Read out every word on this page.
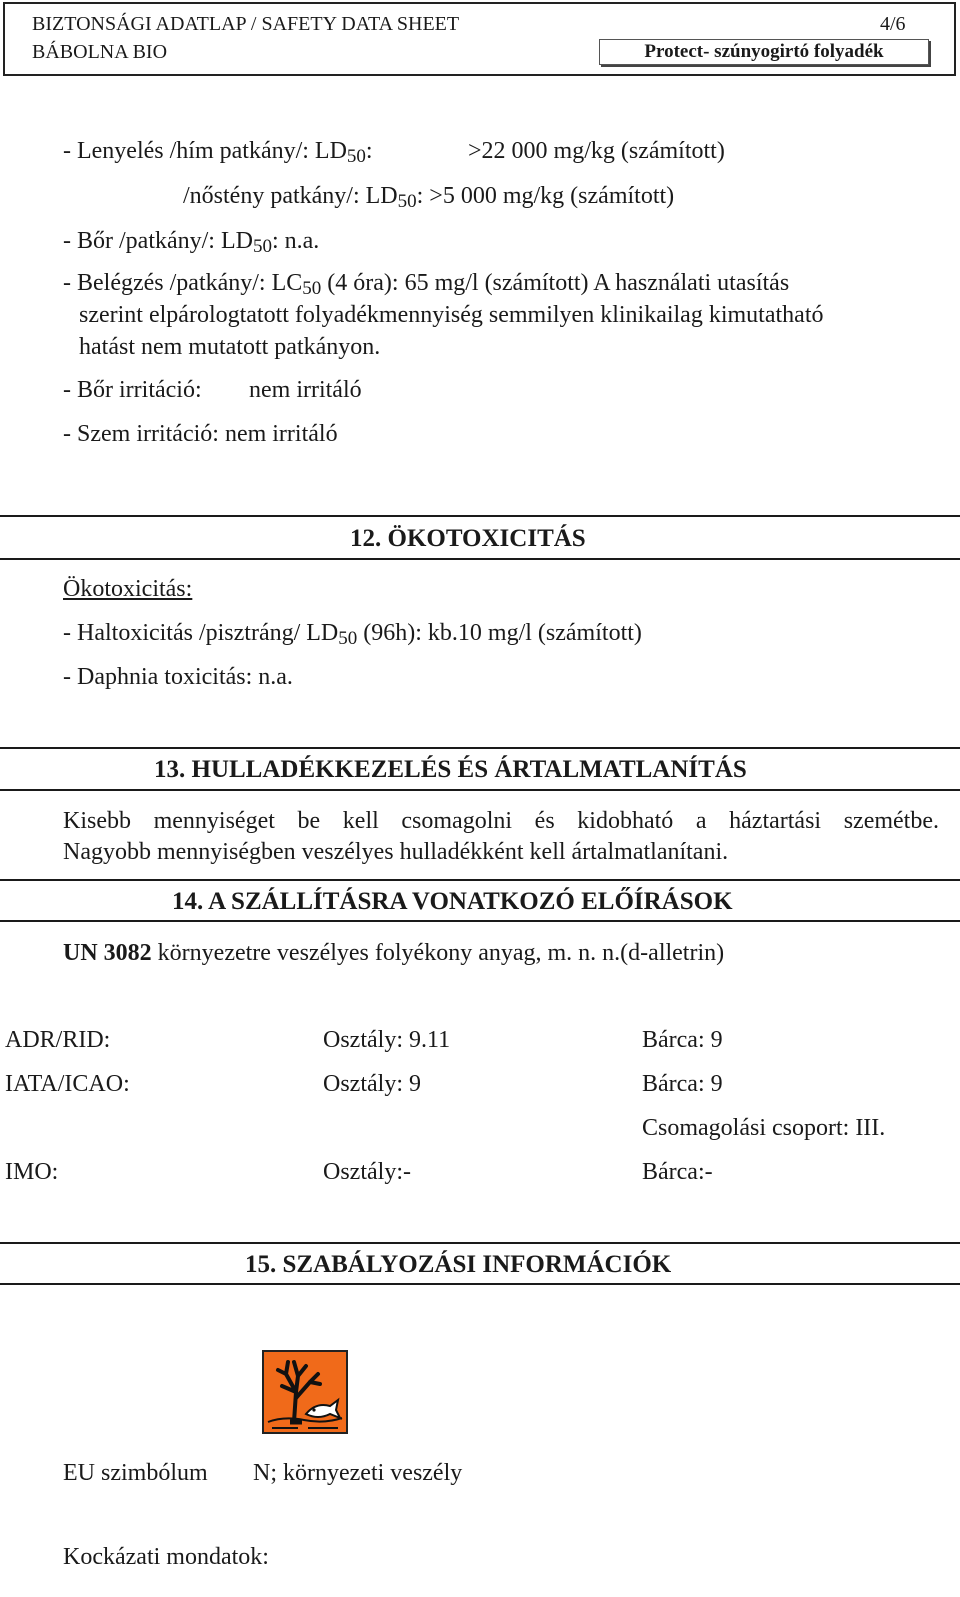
BIZTONSÁGI ADATLAP / SAFETY DATA SHEET
BÁBOLNA BIO
4/6
Protect- szúnyogirtó folyadék
- Lenyelés /hím patkány/: LD50:	>22 000 mg/kg (számított)
/nőstény patkány/: LD50: >5 000 mg/kg (számított)
- Bőr /patkány/: LD50: n.a.
- Belégzés /patkány/: LC50 (4 óra): 65 mg/l (számított) A használati utasítás
szerint elpárologtatott folyadékmennyiség semmilyen klinikailag kimutatható
hatást nem mutatott patkányon.
- Bőr irritáció: nem irritáló
- Szem irritáció: nem irritáló
12. ÖKOTOXICITÁS
Ökotoxicitás:
- Haltoxicitás /pisztráng/ LD50 (96h): kb.10 mg/l (számított)
- Daphnia toxicitás: n.a.
13. HULLADÉKKEZELÉS ÉS ÁRTALMATLANÍTÁS
Kisebb mennyiséget be kell csomagolni és kidobható a háztartási szemétbe.
Nagyobb mennyiségben veszélyes hulladékként kell ártalmatlanítani.
14. A SZÁLLÍTÁSRA VONATKOZÓ ELŐÍRÁSOK
UN 3082 környezetre veszélyes folyékony anyag, m. n. n.(d-alletrin)
ADR/RID:	Osztály: 9.11	Bárca: 9
IATA/ICAO:	Osztály: 9	Bárca: 9
Csomagolási csoport: III.
IMO:	Osztály:-	Bárca:-
15. SZABÁLYOZÁSI INFORMÁCIÓK
EU szimbólum N; környezeti veszély
Kockázati mondatok:
